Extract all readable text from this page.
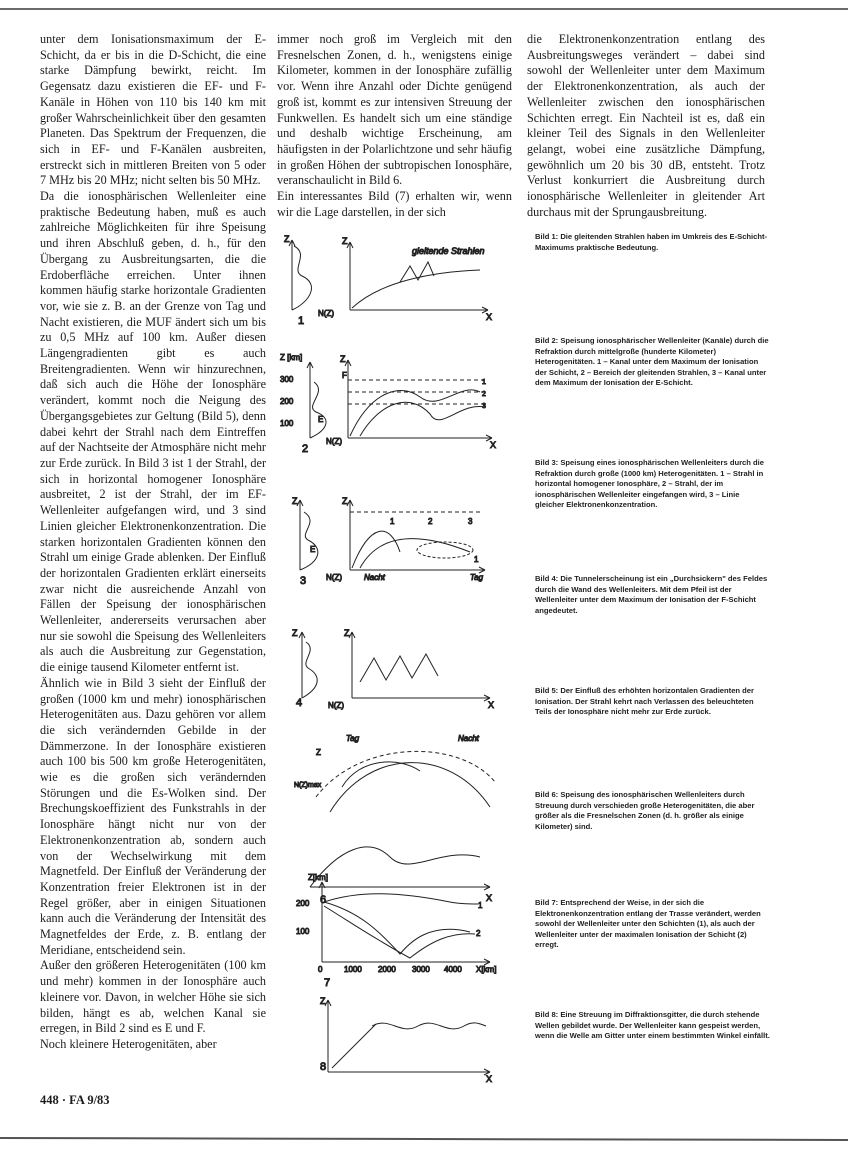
unter dem Ionisationsmaximum der E-Schicht, da er bis in die D-Schicht, die eine starke Dämpfung bewirkt, reicht. Im Gegensatz dazu existieren die EF- und F-Kanäle in Höhen von 110 bis 140 km mit großer Wahrscheinlichkeit über den gesamten Planeten. Das Spektrum der Frequenzen, die sich in EF- und F-Kanälen ausbreiten, erstreckt sich in mittleren Breiten von 5 oder 7 MHz bis 20 MHz; nicht selten bis 50 MHz.

Da die ionosphärischen Wellenleiter eine praktische Bedeutung haben, muß es auch zahlreiche Möglichkeiten für ihre Speisung und ihren Abschluß geben, d. h., für den Übergang zu Ausbreitungsarten, die die Erdoberfläche erreichen. Unter ihnen kommen häufig starke horizontale Gradienten vor, wie sie z. B. an der Grenze von Tag und Nacht existieren, die MUF ändert sich um bis zu 0,5 MHz auf 100 km. Außer diesen Längengradienten gibt es auch Breitengradienten. Wenn wir hinzurechnen, daß sich auch die Höhe der Ionosphäre verändert, kommt noch die Neigung des Übergangsgebietes zur Geltung (Bild 5), denn dabei kehrt der Strahl nach dem Eintreffen auf der Nachtseite der Atmosphäre nicht mehr zur Erde zurück. In Bild 3 ist 1 der Strahl, der sich in horizontal homogener Ionosphäre ausbreitet, 2 ist der Strahl, der im EF-Wellenleiter aufgefangen wird, und 3 sind Linien gleicher Elektronenkonzentration. Die starken horizontalen Gradienten können den Strahl um einige Grade ablenken. Der Einfluß der horizontalen Gradienten erklärt einerseits zwar nicht die ausreichende Anzahl von Fällen der Speisung der ionosphärischen Wellenleiter, andererseits verursachen aber nur sie sowohl die Speisung des Wellenleiters als auch die Ausbreitung zur Gegenstation, die einige tausend Kilometer entfernt ist.

Ähnlich wie in Bild 3 sieht der Einfluß der großen (1000 km und mehr) ionosphärischen Heterogenitäten aus. Dazu gehören vor allem die sich verändernden Gebilde in der Dämmerzone. In der Ionosphäre existieren auch 100 bis 500 km große Heterogenitäten, wie es die großen sich verändernden Störungen und die Es-Wolken sind. Der Brechungskoeffizient des Funkstrahls in der Ionosphäre hängt nicht nur von der Elektronenkonzentration ab, sondern auch von der Wechselwirkung mit dem Magnetfeld. Der Einfluß der Veränderung der Konzentration freier Elektronen ist in der Regel größer, aber in einigen Situationen kann auch die Veränderung der Intensität des Magnetfeldes der Erde, z. B. entlang der Meridiane, entscheidend sein.

Außer den größeren Heterogenitäten (100 km und mehr) kommen in der Ionosphäre auch kleinere vor. Davon, in welcher Höhe sie sich bilden, hängt es ab, welchen Kanal sie erregen, in Bild 2 sind es E und F.

Noch kleinere Heterogenitäten, aber

immer noch groß im Vergleich mit den Fresnelschen Zonen, d. h., wenigstens einige Kilometer, kommen in der Ionosphäre zufällig vor. Wenn ihre Anzahl oder Dichte genügend groß ist, kommt es zur intensiven Streuung der Funkwellen. Es handelt sich um eine ständige und deshalb wichtige Erscheinung, am häufigsten in der Polarlichtzone und sehr häufig in großen Höhen der subtropischen Ionosphäre, veranschaulicht in Bild 6.

Ein interessantes Bild (7) erhalten wir, wenn wir die Lage darstellen, in der sich

die Elektronenkonzentration entlang des Ausbreitungsweges verändert – dabei sind sowohl der Wellenleiter unter dem Maximum der Elektronenkonzentration, als auch der Wellenleiter zwischen den ionosphärischen Schichten erregt. Ein Nachteil ist es, daß ein kleiner Teil des Signals in den Wellenleiter gelangt, wobei eine zusätzliche Dämpfung, gewöhnlich um 20 bis 30 dB, entsteht. Trotz Verlust konkurriert die Ausbreitung durch ionosphärische Wellenleiter in gleitender Art durchaus mit der Sprungausbreitung.

Z	Z
gleitende Strahlen
N(Z)	X
1
Z [km]
300
200
100
Z
F
E
1
2
3
N(Z)	X
2
Z	Z
E
1	2	3
1
N(Z)	Nacht	Tag
3
Z	Z
N(Z)	X
4
Tag	Nacht
Z
N(Z)max
6	X
Z[km]
200
100
0	1000 2000 3000 4000 X[km]
1
2
7
Z
X
8
Bild 1: Die gleitenden Strahlen haben im Umkreis des E-Schicht-Maximums praktische Bedeutung.
Bild 2: Speisung ionosphärischer Wellenleiter (Kanäle) durch die Refraktion durch mittelgroße (hunderte Kilometer) Heterogenitäten. 1 – Kanal unter dem Maximum der Ionisation der Schicht, 2 – Bereich der gleitenden Strahlen, 3 – Kanal unter dem Maximum der Ionisation der E-Schicht.
Bild 3: Speisung eines ionosphärischen Wellenleiters durch die Refraktion durch große (1000 km) Heterogenitäten. 1 – Strahl in horizontal homogener Ionosphäre, 2 – Strahl, der im ionosphärischen Wellenleiter eingefangen wird, 3 – Linie gleicher Elektronenkonzentration.
Bild 4: Die Tunnelerscheinung ist ein „Durchsickern" des Feldes durch die Wand des Wellenleiters. Mit dem Pfeil ist der Wellenleiter unter dem Maximum der Ionisation der F-Schicht angedeutet.
Bild 5: Der Einfluß des erhöhten horizontalen Gradienten der Ionisation. Der Strahl kehrt nach Verlassen des beleuchteten Teils der Ionosphäre nicht mehr zur Erde zurück.
Bild 6: Speisung des ionosphärischen Wellenleiters durch Streuung durch verschieden große Heterogenitäten, die aber größer als die Fresnelschen Zonen (d. h. größer als einige Kilometer) sind.
Bild 7: Entsprechend der Weise, in der sich die Elektronenkonzentration entlang der Trasse verändert, werden sowohl der Wellenleiter unter den Schichten (1), als auch der Wellenleiter unter der maximalen Ionisation der Schicht (2) erregt.
Bild 8: Eine Streuung im Diffraktionsgitter, die durch stehende Wellen gebildet wurde. Der Wellenleiter kann gespeist werden, wenn die Welle am Gitter unter einem bestimmten Winkel einfällt.
448 · FA 9/83
